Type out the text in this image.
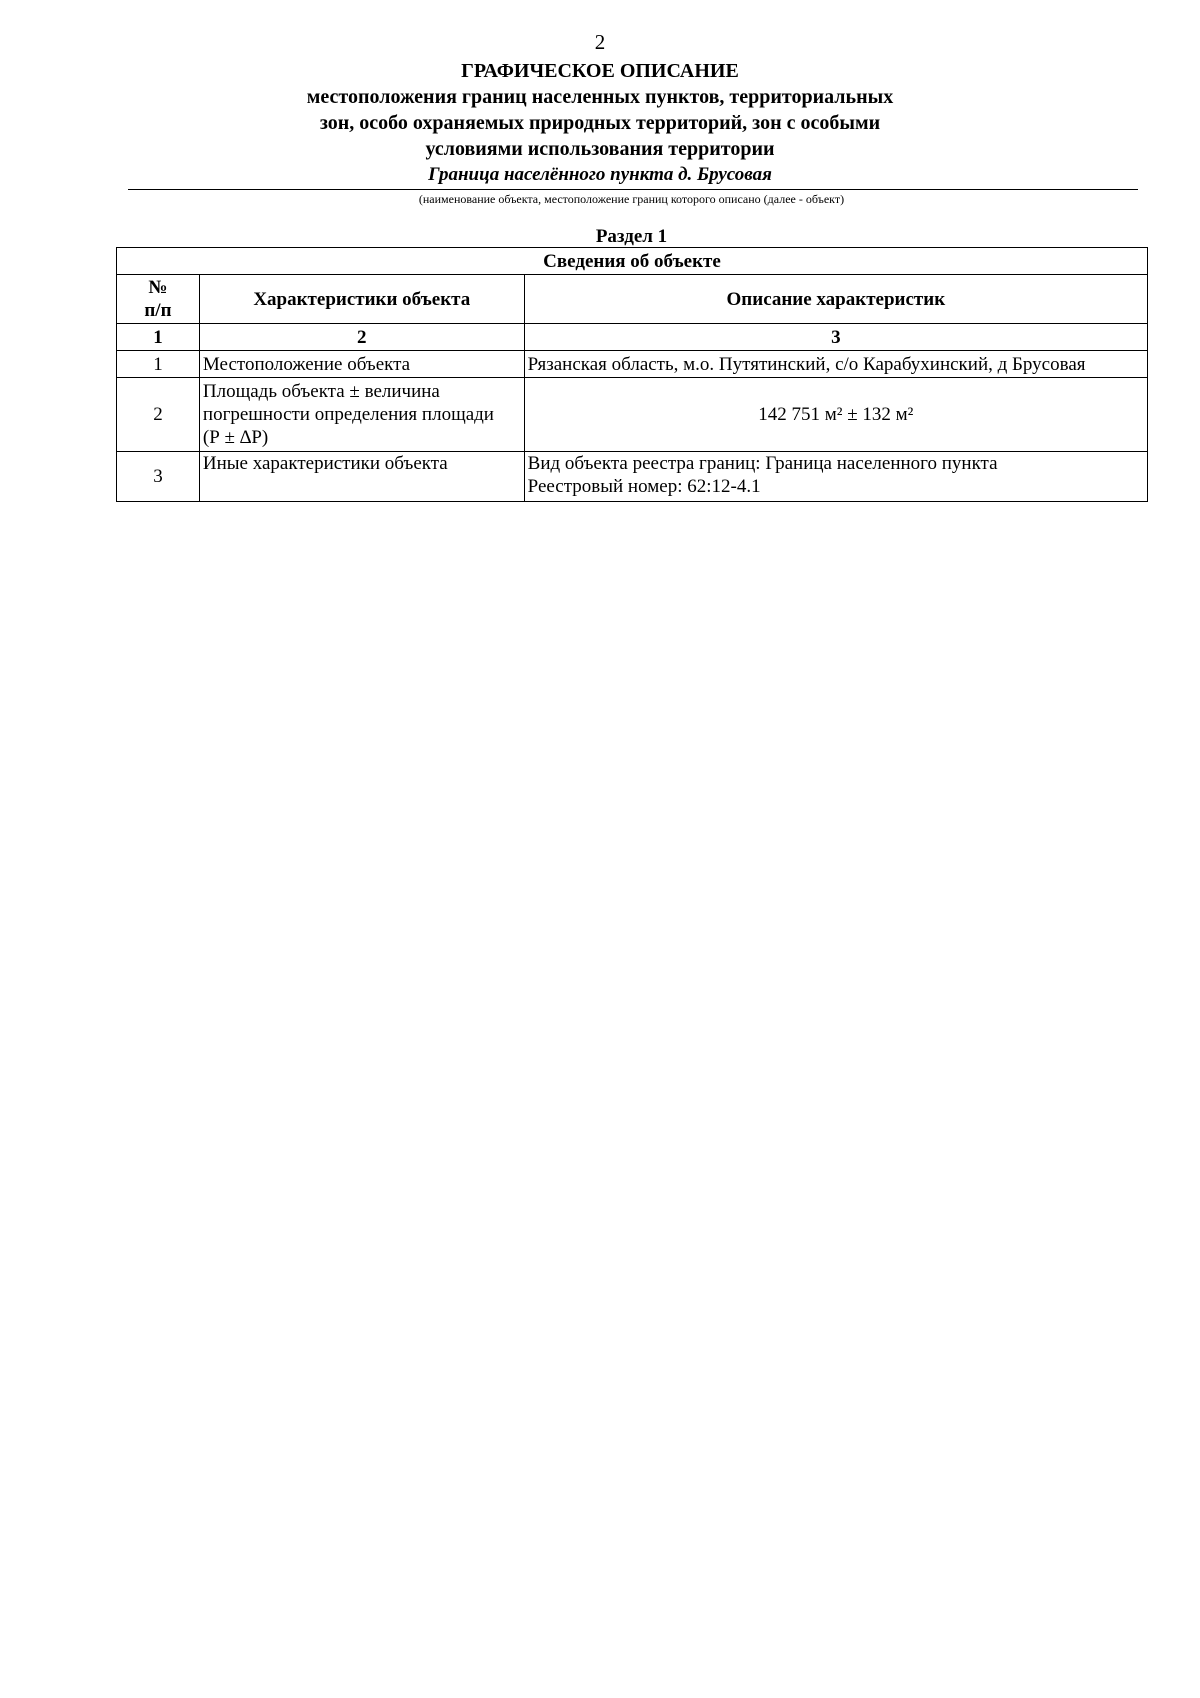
2
ГРАФИЧЕСКОЕ ОПИСАНИЕ
местоположения границ населенных пунктов, территориальных
зон, особо охраняемых природных территорий, зон с особыми
условиями использования территории
Граница населённого пункта д. Брусовая
(наименование объекта, местоположение границ которого описано (далее - объект)
Раздел 1
Сведения об объекте		

№
п/п	Характеристики объекта	Описание характеристик
1	2	3
1	Местоположение объекта	Рязанская область, м.о. Путятинский, с/о Карабухинский, д Брусовая
2	Площадь объекта ± величина
погрешности определения площади
(Р ± ∆Р)	142 751 м² ± 132 м²
3	Иные характеристики объекта	Вид объекта реестра границ: Граница населенного пункта
Реестровый номер: 62:12-4.1
